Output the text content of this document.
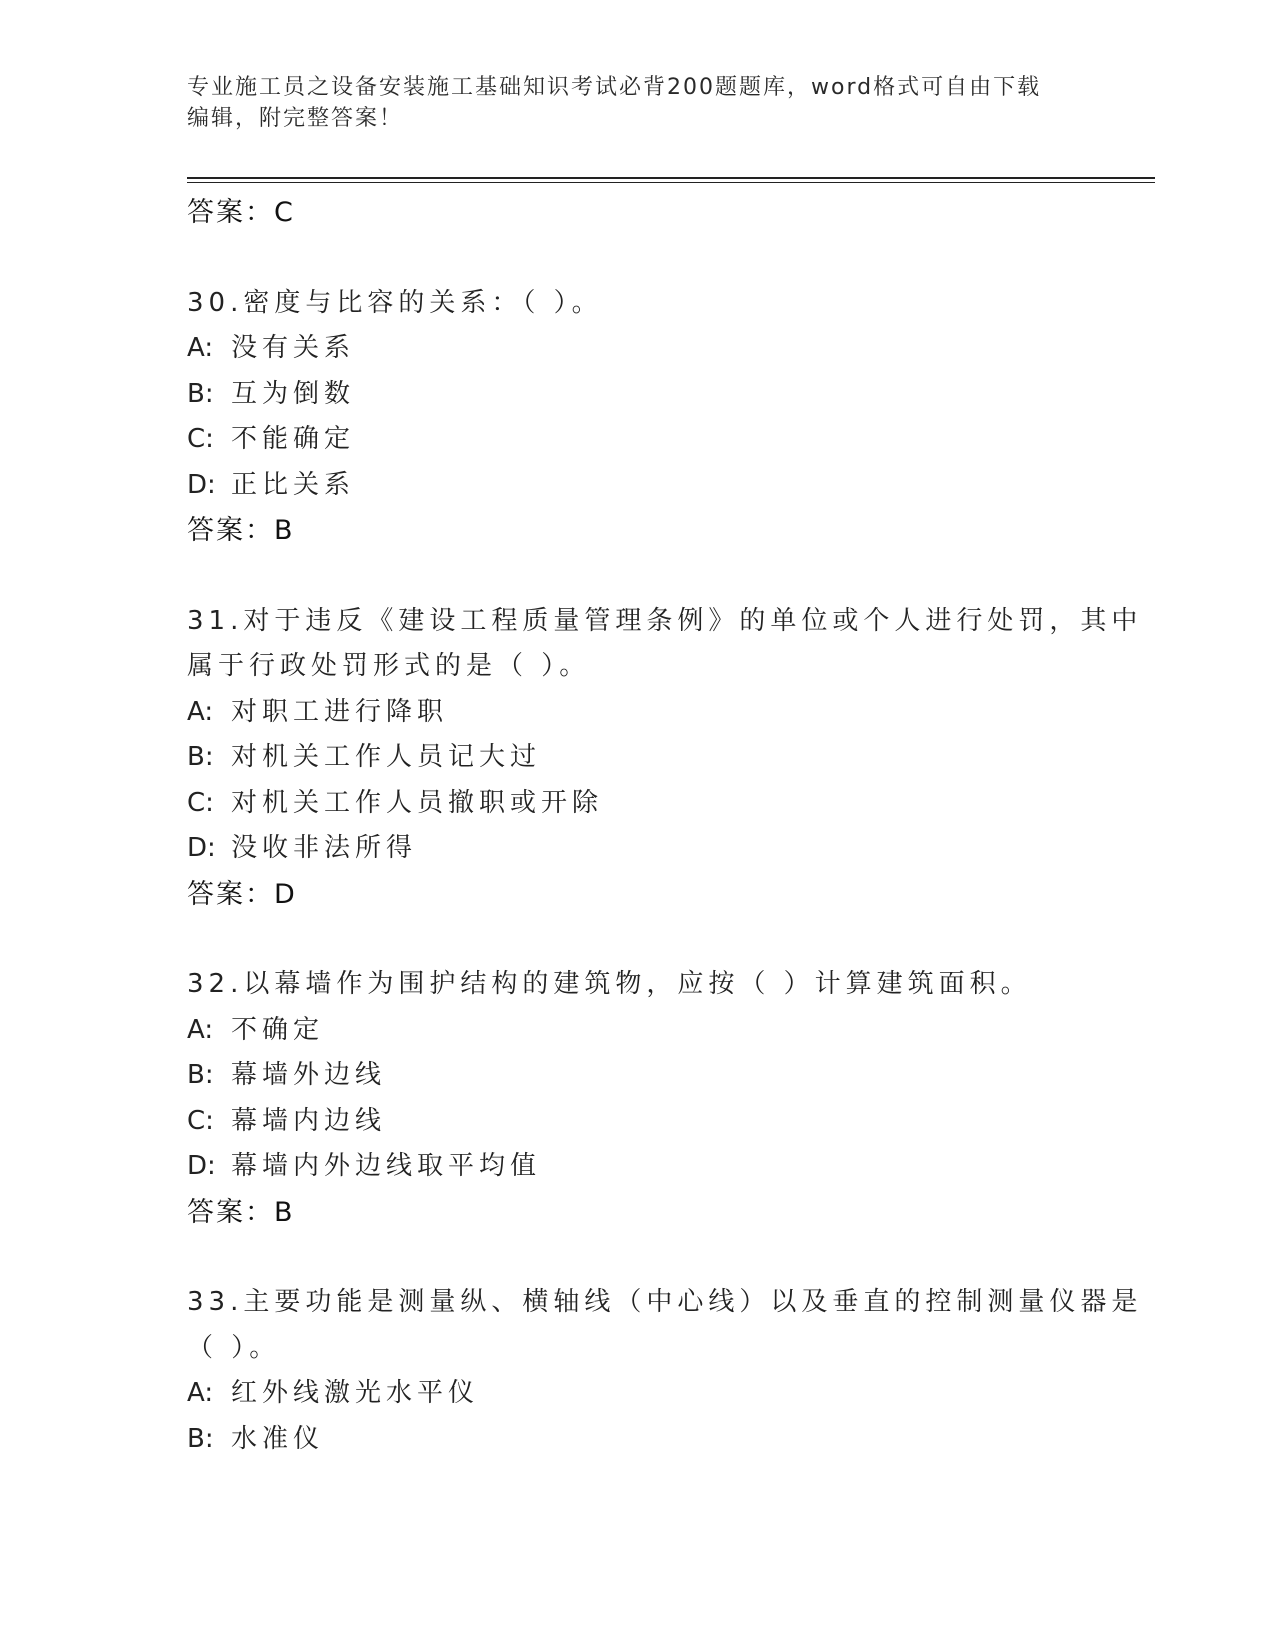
专业施工员之设备安装施工基础知识考试必背200题题库，word格式可自由下载
编辑，附完整答案！
答案：C
30.密度与比容的关系：（ ）。
A: 没有关系
B: 互为倒数
C: 不能确定
D: 正比关系
答案：B
31.对于违反《建设工程质量管理条例》的单位或个人进行处罚，其中
属于行政处罚形式的是（ ）。
A: 对职工进行降职
B: 对机关工作人员记大过
C: 对机关工作人员撤职或开除
D: 没收非法所得
答案：D
32.以幕墙作为围护结构的建筑物，应按（ ）计算建筑面积。
A: 不确定
B: 幕墙外边线
C: 幕墙内边线
D: 幕墙内外边线取平均值
答案：B
33.主要功能是测量纵、横轴线（中心线）以及垂直的控制测量仪器是
（ ）。
A: 红外线激光水平仪
B: 水准仪
